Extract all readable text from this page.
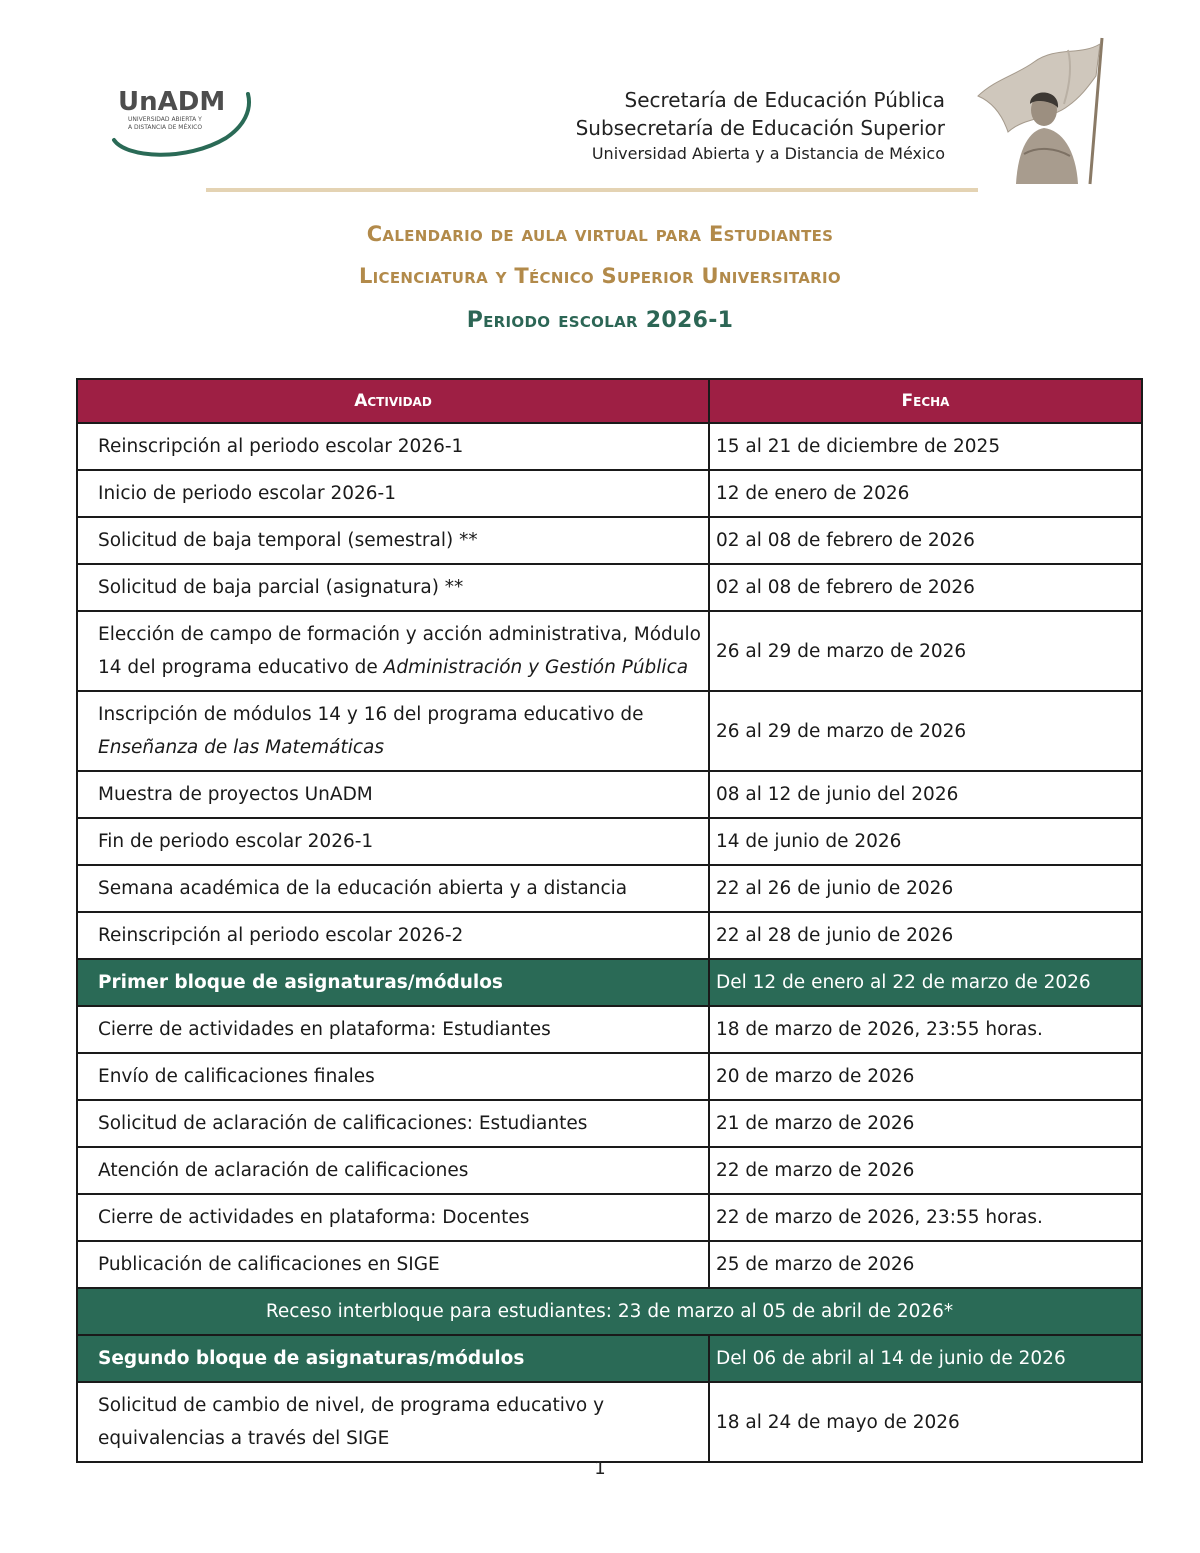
UnADM
UNIVERSIDAD ABIERTA Y
A DISTANCIA DE MÉXICO
Secretaría de Educación Pública
Subsecretaría de Educación Superior
Universidad Abierta y a Distancia de México
Calendario de aula virtual para Estudiantes
Licenciatura y Técnico Superior Universitario
Periodo escolar 2026-1
Actividad	Fecha
Reinscripción al periodo escolar 2026-1	15 al 21 de diciembre de 2025
Inicio de periodo escolar 2026-1	12 de enero de 2026
Solicitud de baja temporal (semestral) **	02 al 08 de febrero de 2026
Solicitud de baja parcial (asignatura) **	02 al 08 de febrero de 2026
Elección de campo de formación y acción administrativa, Módulo 14 del programa educativo de Administración y Gestión Pública	26 al 29 de marzo de 2026
Inscripción de módulos 14 y 16 del programa educativo de Enseñanza de las Matemáticas	26 al 29 de marzo de 2026
Muestra de proyectos UnADM	08 al 12 de junio del 2026
Fin de periodo escolar 2026-1	14 de junio de 2026
Semana académica de la educación abierta y a distancia	22 al 26 de junio de 2026
Reinscripción al periodo escolar 2026-2	22 al 28 de junio de 2026
Primer bloque de asignaturas/módulos	Del 12 de enero al 22 de marzo de 2026
Cierre de actividades en plataforma: Estudiantes	18 de marzo de 2026, 23:55 horas.
Envío de calificaciones finales	20 de marzo de 2026
Solicitud de aclaración de calificaciones: Estudiantes	21 de marzo de 2026
Atención de aclaración de calificaciones	22 de marzo de 2026
Cierre de actividades en plataforma: Docentes	22 de marzo de 2026, 23:55 horas.
Publicación de calificaciones en SIGE	25 de marzo de 2026
Receso interbloque para estudiantes: 23 de marzo al 05 de abril de 2026*	
Segundo bloque de asignaturas/módulos	Del 06 de abril al 14 de junio de 2026
Solicitud de cambio de nivel, de programa educativo y equivalencias a través del SIGE	18 al 24 de mayo de 2026
1
